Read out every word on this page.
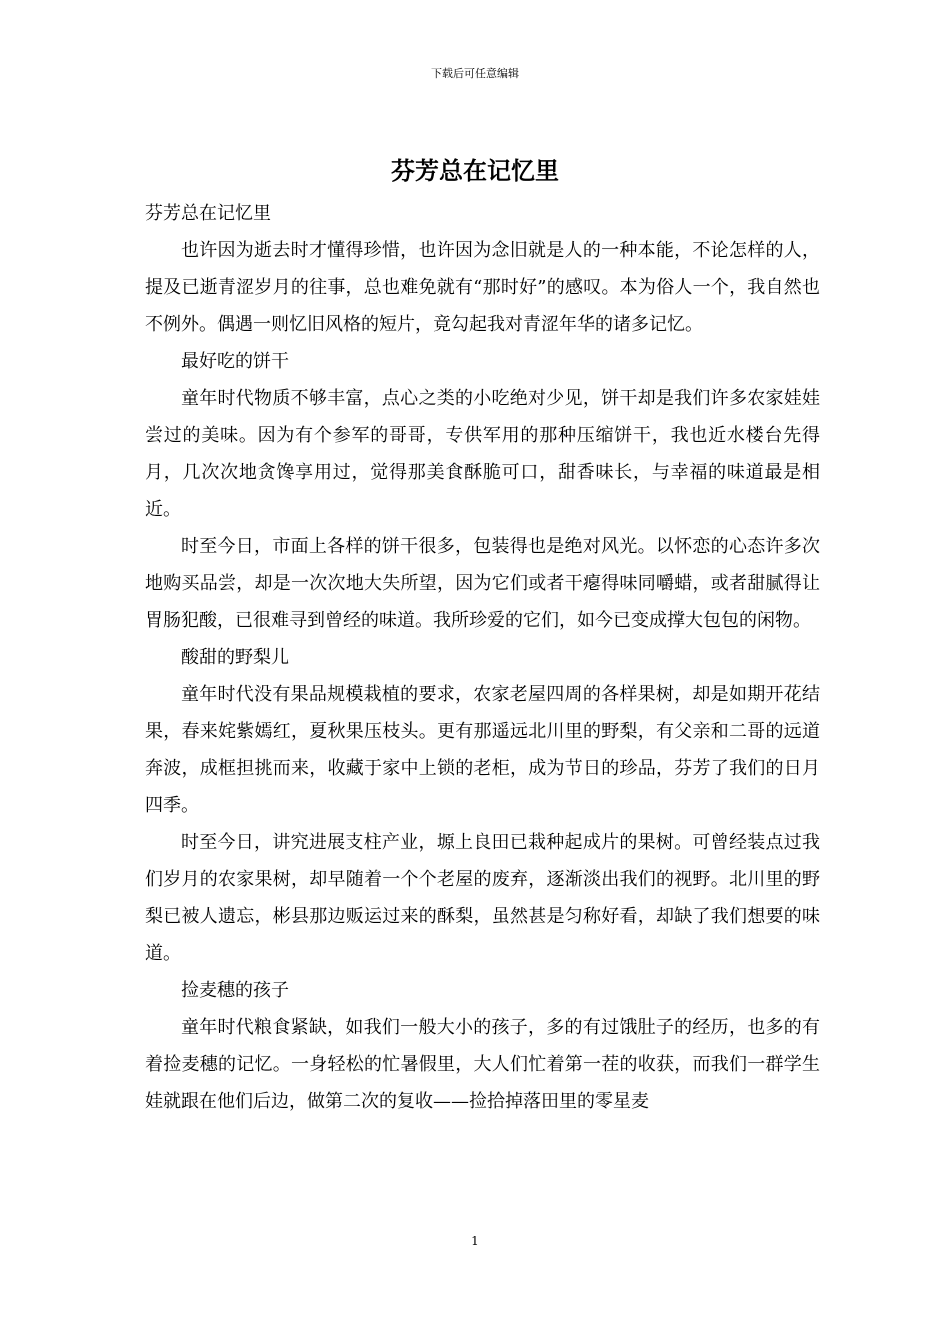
下载后可任意编辑
芬芳总在记忆里

芬芳总在记忆里

也许因为逝去时才懂得珍惜，也许因为念旧就是人的一种本能，不论怎样的人，提及已逝青涩岁月的往事，总也难免就有“那时好”的感叹。本为俗人一个，我自然也不例外。偶遇一则忆旧风格的短片，竟勾起我对青涩年华的诸多记忆。

最好吃的饼干

童年时代物质不够丰富，点心之类的小吃绝对少见，饼干却是我们许多农家娃娃尝过的美味。因为有个参军的哥哥，专供军用的那种压缩饼干，我也近水楼台先得月，几次次地贪馋享用过，觉得那美食酥脆可口，甜香味长，与幸福的味道最是相近。

时至今日，市面上各样的饼干很多，包装得也是绝对风光。以怀恋的心态许多次地购买品尝，却是一次次地大失所望，因为它们或者干瘪得味同嚼蜡，或者甜腻得让胃肠犯酸，已很难寻到曾经的味道。我所珍爱的它们，如今已变成撑大包包的闲物。

酸甜的野梨儿

童年时代没有果品规模栽植的要求，农家老屋四周的各样果树，却是如期开花结果，春来姹紫嫣红，夏秋果压枝头。更有那遥远北川里的野梨，有父亲和二哥的远道奔波，成框担挑而来，收藏于家中上锁的老柜，成为节日的珍品，芬芳了我们的日月四季。

时至今日，讲究进展支柱产业，塬上良田已栽种起成片的果树。可曾经装点过我们岁月的农家果树，却早随着一个个老屋的废弃，逐渐淡出我们的视野。北川里的野梨已被人遗忘，彬县那边贩运过来的酥梨，虽然甚是匀称好看，却缺了我们想要的味道。

捡麦穗的孩子

童年时代粮食紧缺，如我们一般大小的孩子，多的有过饿肚子的经历，也多的有着捡麦穗的记忆。一身轻松的忙暑假里，大人们忙着第一茬的收获，而我们一群学生娃就跟在他们后边，做第二次的复收——捡拾掉落田里的零星麦

1
